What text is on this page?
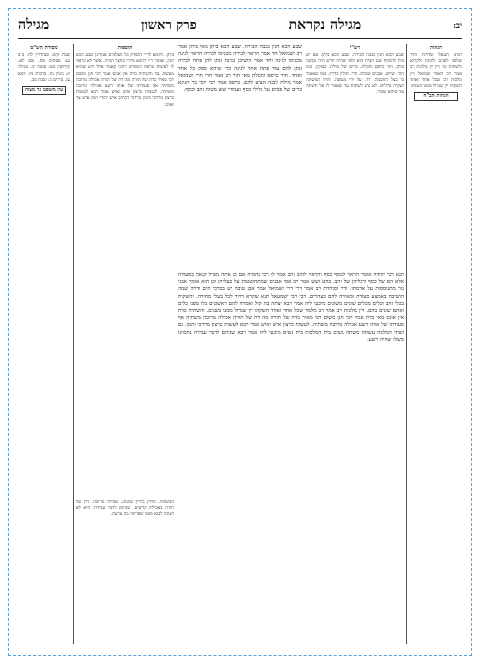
יב:
מגילה נקראת
פרק ראשון
מגילה
הגהות

רבינו חננאל שדרות הדר שלפני לפנים ולהבין ולקרוא ולשתות וגו׳ ויין יין מלכות רב אמר רב דאמר שמואל ויין מלכות רב שכל אחד ואחד השקהו יין שגדול ממנו בשנים

הגהות הב"ח
מסורת הש"ס

שבת קיט: סנהדרין לח. ב״ב עג: פסחים סח. שם לא. קידושין מט: סוטה יב. מגילה יג: גיטין נח. ברכות נח. יומא עז. נדרים כ: שבת מב.

עין משפט נר מצוה
רש"י

שבע הכא חגין בגבה הבירה. שבע הכא ביתן. אם יש בית להוסיף שם הבית הוא ולפי שהיה חדש היה מכונה ביתן. חור כרפס ותכלת. כרים של מילת. בצוקין. כמו חור. שייש. אבנים טובות. ודר. תולין כדרין. כמו שנאמר כי בצל החכמה. דר. על ידי מעשה. והיה המשתה ושקיה גדולים. לא נהג לשתות עד שאמר לו אל תשתה עד שיהא שכור.

תוספות

ביתן. ותימא לר״י דבפרק כל הצלמים אמרינן שבע הכא חגין. ואומר ר״י דהכא מיירי בחצר הבית. אשר לא כראוי לו לעשות ונראה דמפרש דהכי קאמר אילו ידע שהיא מעשה. גבי והשתיה כדת אין אונס אמר רבי חנן משום רבי מאיר כדת של תורה מה דת של תורה אכילה מרובה משתיה אף סעודתו של אותו רשע אכילה מרובה משתיה. לעשות כרצון איש ואיש אמר רבא לעשות כרצון מרדכי והמן מרדכי דכתיב איש יהודי המן איש צר ואויב.

שבע הכא חגין בגבה הבירה. שבע הכא ביתן מאי ביתן אמר רב ושמואל חד אמר הראוי לבירה מכניסו לבירה הראוי לגינה מכניסו לגינה וחד אמר הושיבן בגינה ונתן להן פתח לבירה ונתן להם עוד פתח אחר לגינה כדי שיהא ספק כל אחד ואחד. חור כרפס ותכלת מאי חור רב אמר חרי חרי ושמואל אמר מילת לבנה הציע להם. כרפס אמר רבי יוסי בר חנינא כרים של פסים על גלילי כסף ועמודי שש מטות זהב וכסף.

תנא רבי יהודה אומר הראוי לכסף כסף והראוי לזהב זהב אמר לו רבי נחמיה אם כן אתה מטיל קנאה בסעודה אלא הם של כסף ורגליהן של זהב. בהט ושש אמר רב אסי אבנים שמתחוטטות על בעליהן וכן הוא אומר אבני נזר מתנוססות על אדמתו. ודר וסוחרת רב אמר דרי דרי ושמואל אמר אבן טובה יש בכרכי הים ודרה שמה הושיבה באמצע סעודה ומאירה להם כצהרים. דבי רבי ישמעאל תנא שקרא דרור לכל בעלי סחורה. והשקות בכלי זהב וכלים מכלים שונים משונים מיבעי ליה אמר רבא יצתה בת קול ואמרה להם ראשונים כלו מפני כלים ואתם שונים בהם. ויין מלכות רב אמר רב מלמד שכל אחד ואחד השקהו יין שגדול ממנו בשנים. והשתיה כדת אין אונס מאי כדת אמר רבי חנן משום רבי מאיר כדת של תורה מה דת של תורה אכילה מרובה משתיה אף סעודתו של אותו רשע אכילה מרובה משתיה. לעשות כרצון איש ואיש אמר רבא לעשות כרצון מרדכי והמן. גם ושתי המלכה עשתה משתה נשים בית המלכות בית נשים מיבעי ליה אמר רבא שניהם לדבר עבירה נתכוונו משלו שהיה רשע.

המשתה. תולין כדרין במנהג. אכילה מרובה. דת של תורה באכילת קדשים. שניהם לדבר עבירה. היא לא רצתה לבוא מפני שפרחה בה צרעת.
